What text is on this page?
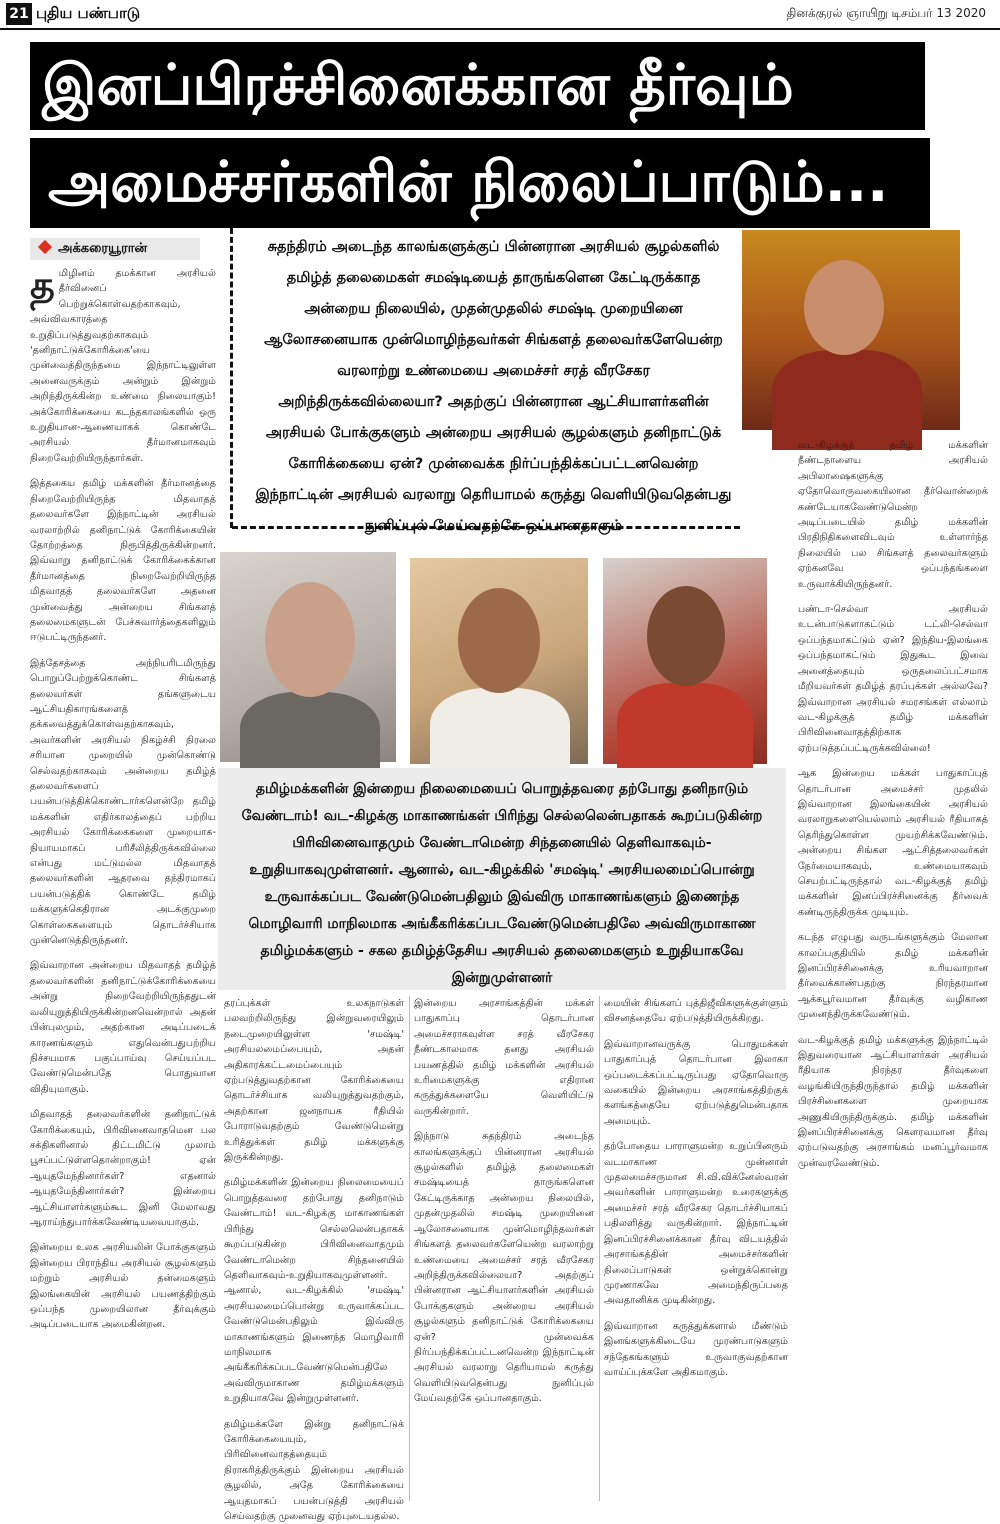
21 புதிய பண்பாடு	தினக்குரல் ஞாயிறு டிசம்பர் 13 2020
இனப்பிரச்சினைக்கான தீர்வும்
அமைச்சர்களின் நிலைப்பாடும்...
அக்கரையூரான்	சுதந்திரம் அடைந்த காலங்களுக்குப் பின்னரான அரசியல் சூழல்களில் தமிழ்த் தலைமைகள் சமஷ்டியைத் தாருங்களென கேட்டிருக்காத அன்றைய நிலையில், முதன்முதலில் சமஷ்டி முறையினை ஆலோசனையாக முன்மொழிந்தவர்கள் சிங்களத் தலைவர்களேயென்ற வரலாற்று உண்மையை அமைச்சர் சரத் வீரசேகர அறிந்திருக்கவில்லையா? அதற்குப் பின்னரான ஆட்சியாளர்களின் அரசியல் போக்குகளும் அன்றைய அரசியல் சூழல்களும் தனிநாட்டுக் கோரிக்கையை ஏன்? முன்வைக்க நிர்ப்பந்திக்கப்பட்டனவென்ற இந்நாட்டின் அரசியல் வரலாறு தெரியாமல் கருத்து வெளியிடுவதென்பது நுனிப்புல் மேய்வதற்கே ஒப்பானதாகும்

தமிழ்மக்களின் இன்றைய நிலைமையைப் பொறுத்தவரை தற்போது தனிநாடும் வேண்டாம்! வட-கிழக்கு மாகாணங்கள் பிரிந்து செல்லலென்பதாகக் கூறப்படுகின்ற பிரிவினைவாதமும் வேண்டாமென்ற சிந்தனையில் தெளிவாகவும்-உறுதியாகவுமுள்ளனர். ஆனால், வட-கிழக்கில் 'சமஷ்டி' அரசியலமைப்பொன்று உருவாக்கப்பட வேண்டுமென்பதிலும் இவ்விரு மாகாணங்களும் இணைந்த மொழிவாரி மாநிலமாக அங்கீகரிக்கப்படவேண்டுமென்பதிலே அவ்விருமாகாண தமிழ்மக்களும் - சகல தமிழ்த்தேசிய அரசியல் தலைமைகளும் உறுதியாகவே இன்றுமுள்ளனர்

தமிழினம் தமக்கான அரசியல் தீர்வினைப் பெற்றுக்கொள்வதற்காகவும், அவ்விவகாரத்தை உறுதிப்படுத்துவதற்காகவும் 'தனிநாட்டுக்கோரிக்கை'யை முன்வைத்திருந்தமை இந்நாட்டிலுள்ள அனைவருக்கும் அன்றும் இன்றும் அறிந்திருக்கின்ற உண்மை நிலையாகும்! அக்கோரிக்கையை கடந்தகாலங்களில் ஒரு உறுதியான-ஆணையாகக் கொண்டே அரசியல் தீர்மானமாகவும் நிறைவேற்றியிருந்தார்கள்.

இத்தகைய தமிழ் மக்களின் தீர்மானத்தை நிறைவேற்றியிருந்த மிதவாதத் தலைவர்களே இந்நாட்டின் அரசியல் வரலாற்றில் தனிநாட்டுக் கோரிக்கையின் தோற்றத்தை நிரூபித்திருக்கின்றனர். இவ்வாறு தனிநாட்டுக் கோரிக்கைக்கான தீர்மானத்தை நிறைவேற்றியிருந்த மிதவாதத் தலைவர்களே அதனை முன்வைத்து அன்றைய சிங்களத் தலைமைகளுடன் பேச்சுவார்த்தைகளிலும் ஈடுபட்டிருந்தனர்.

இத்தேசத்தை அந்நியரிடமிருந்து பொறுப்பேற்றுக்கொண்ட சிங்களத் தலைவர்கள் தங்களுடைய ஆட்சியதிகாரங்களைத் தக்கவைத்துக்கொள்வதற்காகவும், அவர்களின் அரசியல் நிகழ்ச்சி நிரலை சரியான முறையில் முன்கொண்டு செல்வதற்காகவும் அன்றைய தமிழ்த் தலைவர்களைப் பயன்படுத்திக்கொண்டார்களென்றே தமிழ் மக்களின் எதிர்காலத்தைப் பற்றிய அரசியல் கோரிக்கைகளை முறையாக-நியாயமாகப் பரிசீலித்திருக்கவில்லை என்பது மட்டுமல்ல மிதவாதத் தலைவர்களின் ஆதரவை தந்திரமாகப் பயன்படுத்திக் கொண்டே தமிழ் மக்களுக்கெதிரான அடக்குமுறை கொள்கைகளையும் தொடர்ச்சியாக முன்னெடுத்திருந்தனர்.

இவ்வாறான அன்றைய மிதவாதத் தமிழ்த் தலைவர்களின் தனிநாட்டுக்கோரிக்கையை அன்று நிறைவேற்றியிருந்ததுடன் வலியுறுத்தியிருக்கின்றனவென்றால் அதன் பின்புலமும், அதற்கான அடிப்படைக் காரணங்களும் எதுவென்பதுபற்றிய நிச்சயமாக பகுப்பாய்வு செய்யப்பட வேண்டுமென்பதே பொதுவான விதியுமாகும்.

மிதவாதத் தலைவர்களின் தனிநாட்டுக் கோரிக்கையும், பிரிவினைவாதமென பல சக்திகளினால் திட்டமிட்டு முலாம் பூசப்பட்டுள்ளதொன்றாகும்! ஏன் ஆயுதமேந்தினார்கள்? எதனால் ஆயுதமேந்தினார்கள்? இன்றைய ஆட்சியாளர்களும்கூட இனி மேலாவது ஆராய்ந்துபார்க்கவேண்டியவையாகும்.

இன்றைய உலக அரசியலின் போக்குகளும் இன்றைய பிராந்திய அரசியல் சூழல்களும் மற்றும் அரசியல் தன்மைகளும் இலங்கையின் அரசியல் பயணத்திற்கும் ஒப்பந்த முறையிலான தீர்வுக்கும் அடிப்படையாக அமைகின்றன.

தரப்புக்கள் உலகநாடுகள் பலவற்றிலிருந்து இன்றுவரையிலும் நடைமுறையிலுள்ள 'சமஷ்டி' அரசியலமைப்பையும், அதன் அதிகாரக்கட்டமைப்பையும் ஏற்படுத்துவதற்கான கோரிக்கையை தொடர்ச்சியாக வலியுறுத்துவதற்கும், அதற்கான ஜனநாயக ரீதியில் போராடுவதற்கும் வேண்டுமென்று உரித்துக்கள் தமிழ் மக்களுக்கு இருக்கின்றது.

தமிழ்மக்களின் இன்றைய நிலைமையைப் பொறுத்தவரை தற்போது தனிநாடும் வேண்டாம்! வட-கிழக்கு மாகாணங்கள் பிரிந்து செல்லலென்பதாகக் கூறப்படுகின்ற பிரிவினைவாதமும் வேண்டாமென்ற சிந்தனையில் தெளிவாகவும்-உறுதியாகவுமுள்ளனர். ஆனால், வட-கிழக்கில் 'சமஷ்டி' அரசியலமைப்பொன்று உருவாக்கப்பட வேண்டுமென்பதிலும் இவ்விரு மாகாணங்களும் இணைந்த மொழிவாரி மாநிலமாக அங்கீகரிக்கப்படவேண்டுமென்பதிலே அவ்விருமாகாண தமிழ்மக்களும் உறுதியாகவே இன்றுமுள்ளனர்.

தமிழ்மக்களே இன்று தனிநாட்டுக் கோரிக்கையையும், பிரிவினைவாதத்தையும் நிராகரித்திருக்கும் இன்றைய அரசியல் சூழலில், அதே கோரிக்கையை ஆயுதமாகப் பயன்படுத்தி அரசியல் செய்வதற்கு முனைவது ஏற்புடையதல்ல.

இன்றைய அரசாங்கத்தின் மக்கள் பாதுகாப்பு தொடர்பான அமைச்சராகவுள்ள சரத் வீரசேகர நீண்டகாலமாக தனது அரசியல் பயணத்தில் தமிழ் மக்களின் அரசியல் உரிமைகளுக்கு எதிரான கருத்துக்களையே வெளியிட்டு வருகின்றார்.

இந்நாடு சுதந்திரம் அடைந்த காலங்களுக்குப் பின்னரான அரசியல் சூழல்களில் தமிழ்த் தலைமைகள் சமஷ்டியைத் தாருங்களென கேட்டிருக்காத அன்றைய நிலையில், முதன்முதலில் சமஷ்டி முறையினை ஆலோசனையாக முன்மொழிந்தவர்கள் சிங்களத் தலைவர்களேயென்ற வரலாற்று உண்மையை அமைச்சர் சரத் வீரசேகர அறிந்திருக்கவில்லையா? அதற்குப் பின்னரான ஆட்சியாளர்களின் அரசியல் போக்குகளும் அன்றைய அரசியல் சூழல்களும் தனிநாட்டுக் கோரிக்கையை ஏன்? முன்வைக்க நிர்ப்பந்திக்கப்பட்டனவென்ற இந்நாட்டின் அரசியல் வரலாறு தெரியாமல் கருத்து வெளியிடுவதென்பது நுனிப்புல் மேய்வதற்கே ஒப்பானதாகும்.

மையின் சிங்களப் புத்திஜீவிகளுக்குள்ளும் விசனத்தையே ஏற்படுத்தியிருக்கிறது.

இவ்வாறானவருக்கு பொதுமக்கள் பாதுகாப்புத் தொடர்பான இலாகா ஒப்படைக்கப்பட்டிருப்பது ஏதோவொரு வகையில் இன்றைய அரசாங்கத்திற்குக் களங்கத்தையே ஏற்படுத்துமென்பதாக அமையும்.

தற்போதைய பாராளுமன்ற உறுப்பினரும் வடமாகாண முன்னாள் முதலமைச்சருமான சி.வி.விக்னேஸ்வரன் அவர்களின் பாராளுமன்ற உரைகளுக்கு அமைச்சர் சரத் வீரசேகர தொடர்ச்சியாகப் பதிலளித்து வருகின்றார். இந்நாட்டின் இனப்பிரச்சினைக்கான தீர்வு விடயத்தில் அரசாங்கத்தின் அமைச்சர்களின் நிலைப்பாடுகள் ஒன்றுக்கொன்று முரணாகவே அமைந்திருப்பதை அவதானிக்க முடிகின்றது.

இவ்வாறான கருத்துக்களால் மீண்டும் இனங்களுக்கிடையே முரண்பாடுகளும் சந்தேகங்களும் உருவாகுவதற்கான வாய்ப்புக்களே அதிகமாகும்.

வட-கிழக்குத் தமிழ் மக்களின் நீண்டநாளைய அரசியல் அபிலாஷைகளுக்கு ஏதோவொருவகையிலான தீர்வொன்றைக் கண்டேயாகவேண்டுமென்ற அடிப்படையில் தமிழ் மக்களின் பிரதிநிதிகளைவிடவும் உள்ளார்ந்த நிலையில் பல சிங்களத் தலைவர்களும் ஏற்கனவே ஒப்பந்தங்களை உருவாக்கியிருந்தனர்.

பண்டா-செல்வா அரசியல் உடன்பாடுகளாகட்டும் டட்லி-செல்வா ஒப்பந்தமாகட்டும் ஏன்? இந்திய-இலங்கை ஒப்பந்தமாகட்டும் இதுகூட இவை அனைத்தையும் ஒருதலைப்பட்சமாக மீறியவர்கள் தமிழ்த் தரப்புக்கள் அல்லவே? இவ்வாறான அரசியல் சமரசங்கள் எல்லாம் வட-கிழக்குத் தமிழ் மக்களின் பிரிவினைவாதத்திற்காக ஏற்படுத்தப்பட்டிருக்கவில்லை!

ஆக இன்றைய மக்கள் பாதுகாப்புத் தொடர்பான அமைச்சர் முதலில் இவ்வாறான இலங்கையின் அரசியல் வரலாறுகளையெல்லாம் அரசியல் ரீதியாகத் தெரிந்துகொள்ள முயற்சிக்கவேண்டும். அன்றைய சிங்கள ஆட்சித்தலைவர்கள் நேர்மையாகவும், உண்மையாகவும் செயற்பட்டிருந்தால் வட-கிழக்குத் தமிழ் மக்களின் இனப்பிரச்சினைக்கு தீர்வைக் கண்டிருந்திருக்க முடியும்.

கடந்த எழுபது வருடங்களுக்கும் மேலான காலப்பகுதியில் தமிழ் மக்களின் இனப்பிரச்சினைக்கு உரியவாறான தீர்வைக்காண்பதற்கு நிரந்தரமான ஆக்கபூர்வமான தீர்வுக்கு வழிகாண முனைந்திருக்கவேண்டும்.

வட-கிழக்குத் தமிழ் மக்களுக்கு இந்நாட்டில் இதுவரையான ஆட்சியாளர்கள் அரசியல் ரீதியாக நிரந்தர தீர்வுகளை வழங்கியிருந்திருந்தால் தமிழ் மக்களின் பிரச்சினைகளை முறையாக அணுகியிருந்திருக்கும். தமிழ் மக்களின் இனப்பிரச்சினைக்கு கௌரவமான தீர்வு ஏற்படுவதற்கு அரசாங்கம் மனப்பூர்வமாக முன்வரவேண்டும்.
